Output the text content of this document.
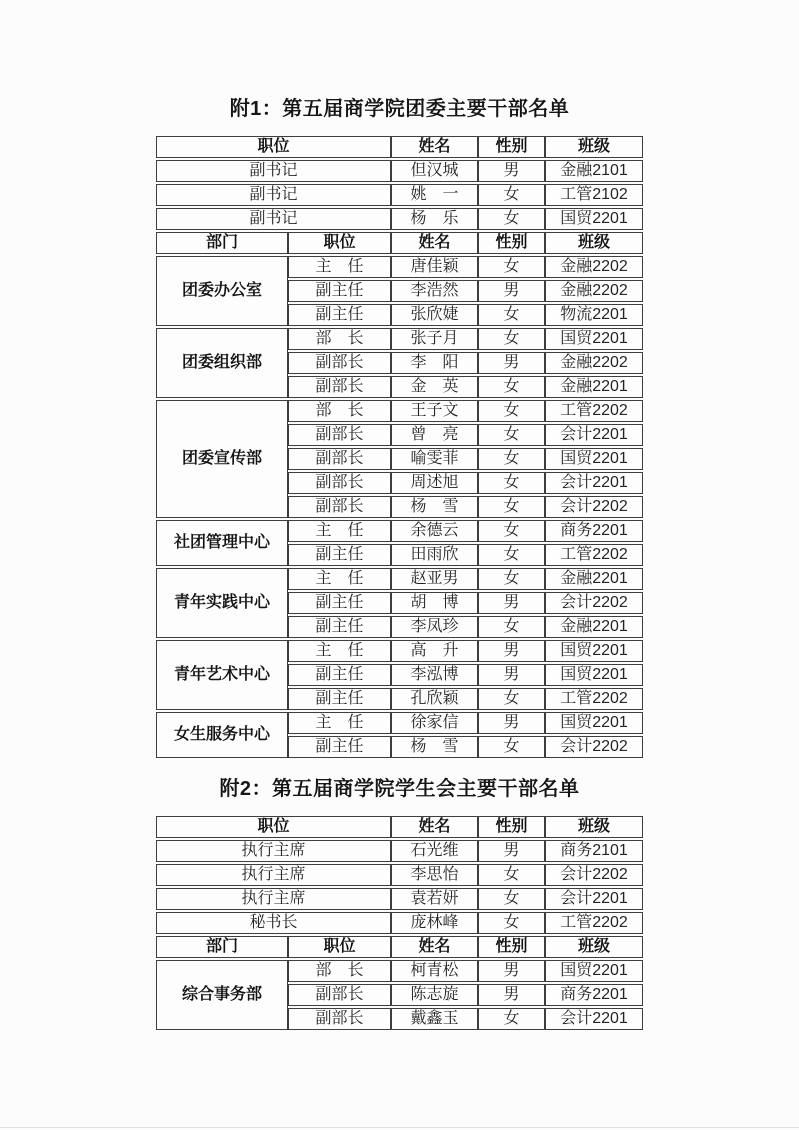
附1：第五届商学院团委主要干部名单
职位		姓名	性别	班级
副书记		但汉城	男	金融2101
副书记		姚　一	女	工管2102
副书记		杨　乐	女	国贸2201
部门	职位	姓名	性别	班级
团委办公室	主　任	唐佳颖	女	金融2202
	副主任	李浩然	男	金融2202
	副主任	张欣婕	女	物流2201
团委组织部	部　长	张子月	女	国贸2201
	副部长	李　阳	男	金融2202
	副部长	金　英	女	金融2201
团委宣传部	部　长	王子文	女	工管2202
	副部长	曾　亮	女	会计2201
	副部长	喻雯菲	女	国贸2201
	副部长	周述旭	女	会计2201
	副部长	杨　雪	女	会计2202
社团管理中心	主　任	余德云	女	商务2201
	副主任	田雨欣	女	工管2202
青年实践中心	主　任	赵亚男	女	金融2201
	副主任	胡　博	男	会计2202
	副主任	李凤珍	女	金融2201
青年艺术中心	主　任	高　升	男	国贸2201
	副主任	李泓博	男	国贸2201
	副主任	孔欣颖	女	工管2202
女生服务中心	主　任	徐家信	男	国贸2201
	副主任	杨　雪	女	会计2202
附2：第五届商学院学生会主要干部名单
职位		姓名	性别	班级
执行主席		石光维	男	商务2101
执行主席		李思怡	女	会计2202
执行主席		袁若妍	女	会计2201
秘书长		庞林峰	女	工管2202
部门	职位	姓名	性别	班级
综合事务部	部　长	柯青松	男	国贸2201
	副部长	陈志旋	男	商务2201
	副部长	戴鑫玉	女	会计2201
